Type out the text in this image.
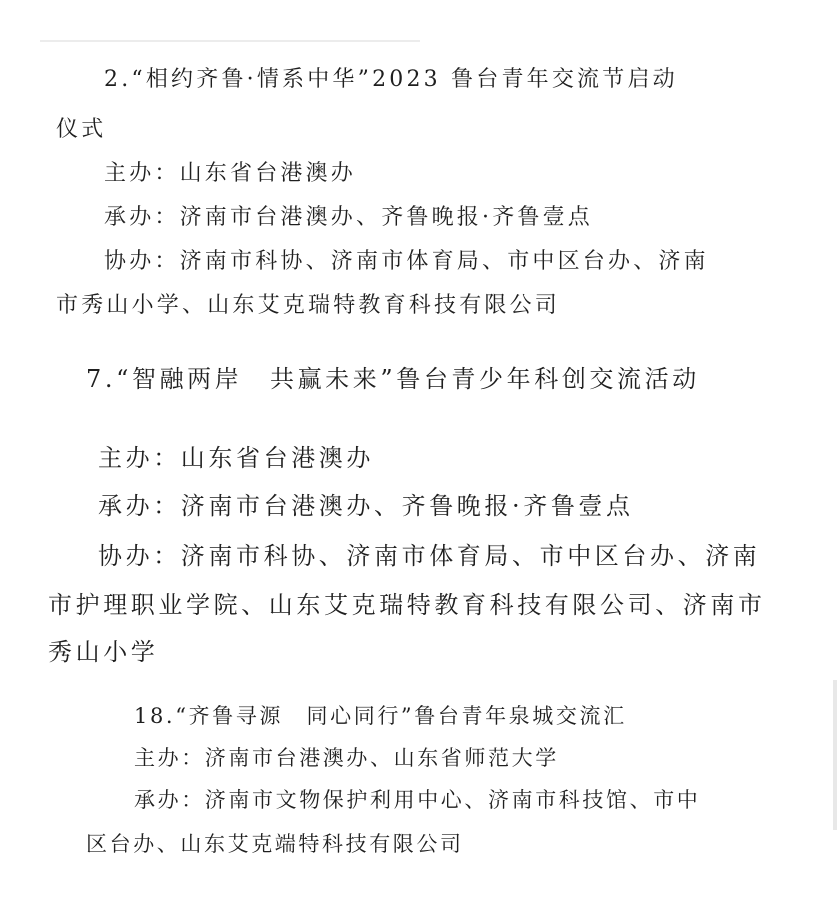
2.“相约齐鲁·情系中华”2023 鲁台青年交流节启动
仪式
主办：山东省台港澳办
承办：济南市台港澳办、齐鲁晚报·齐鲁壹点
协办：济南市科协、济南市体育局、市中区台办、济南
市秀山小学、山东艾克瑞特教育科技有限公司
7.“智融两岸　共赢未来”鲁台青少年科创交流活动
主办：山东省台港澳办
承办：济南市台港澳办、齐鲁晚报·齐鲁壹点
协办：济南市科协、济南市体育局、市中区台办、济南
市护理职业学院、山东艾克瑞特教育科技有限公司、济南市
秀山小学
18.“齐鲁寻源　同心同行”鲁台青年泉城交流汇
主办：济南市台港澳办、山东省师范大学
承办：济南市文物保护利用中心、济南市科技馆、市中
区台办、山东艾克端特科技有限公司
